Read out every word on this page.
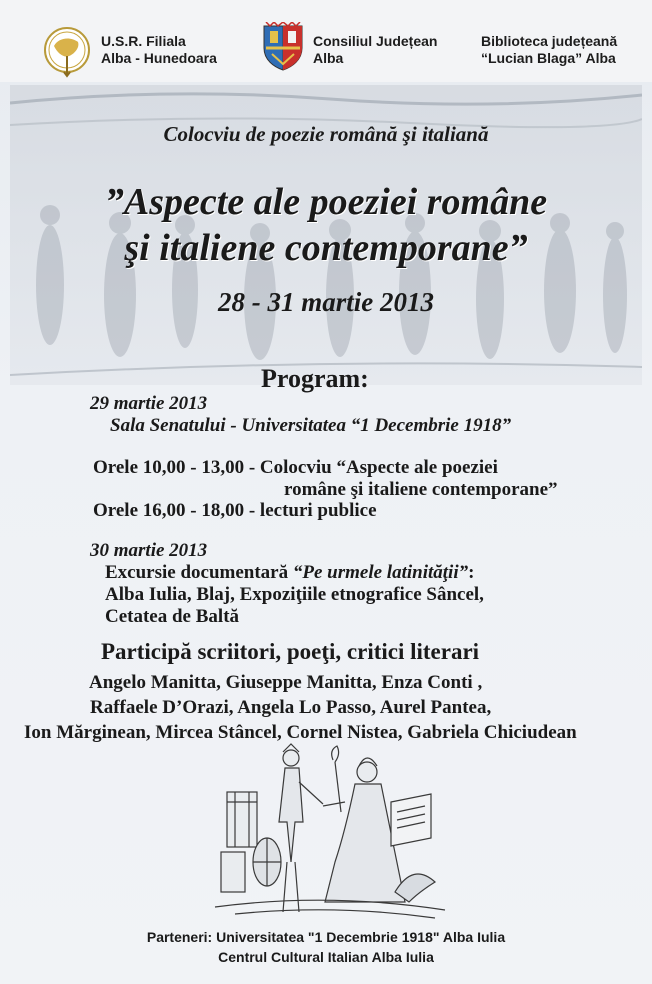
U.S.R. Filiala
Alba - Hunedoara
Consiliul Județean
Alba
Biblioteca județeană
“Lucian Blaga” Alba
Colocviu de poezie română şi italiană
”Aspecte ale poeziei române
şi italiene contemporane”
28 - 31 martie 2013
Program:
29 martie 2013
Sala Senatului - Universitatea “1 Decembrie 1918”
Orele 10,00 - 13,00 - Colocviu “Aspecte ale poeziei
române şi italiene contemporane”
Orele 16,00 - 18,00 - lecturi publice
30 martie 2013
Excursie documentară “Pe urmele latinităţii”:
Alba Iulia, Blaj, Expoziţiile etnografice Sâncel,
Cetatea de Baltă
Participă scriitori, poeţi, critici literari
Angelo Manitta, Giuseppe Manitta, Enza Conti ,
Raffaele D’Orazi, Angela Lo Passo, Aurel Pantea,
Ion Mărginean, Mircea Stâncel, Cornel Nistea, Gabriela Chiciudean
Parteneri: Universitatea "1 Decembrie 1918" Alba Iulia
Centrul Cultural Italian Alba Iulia
